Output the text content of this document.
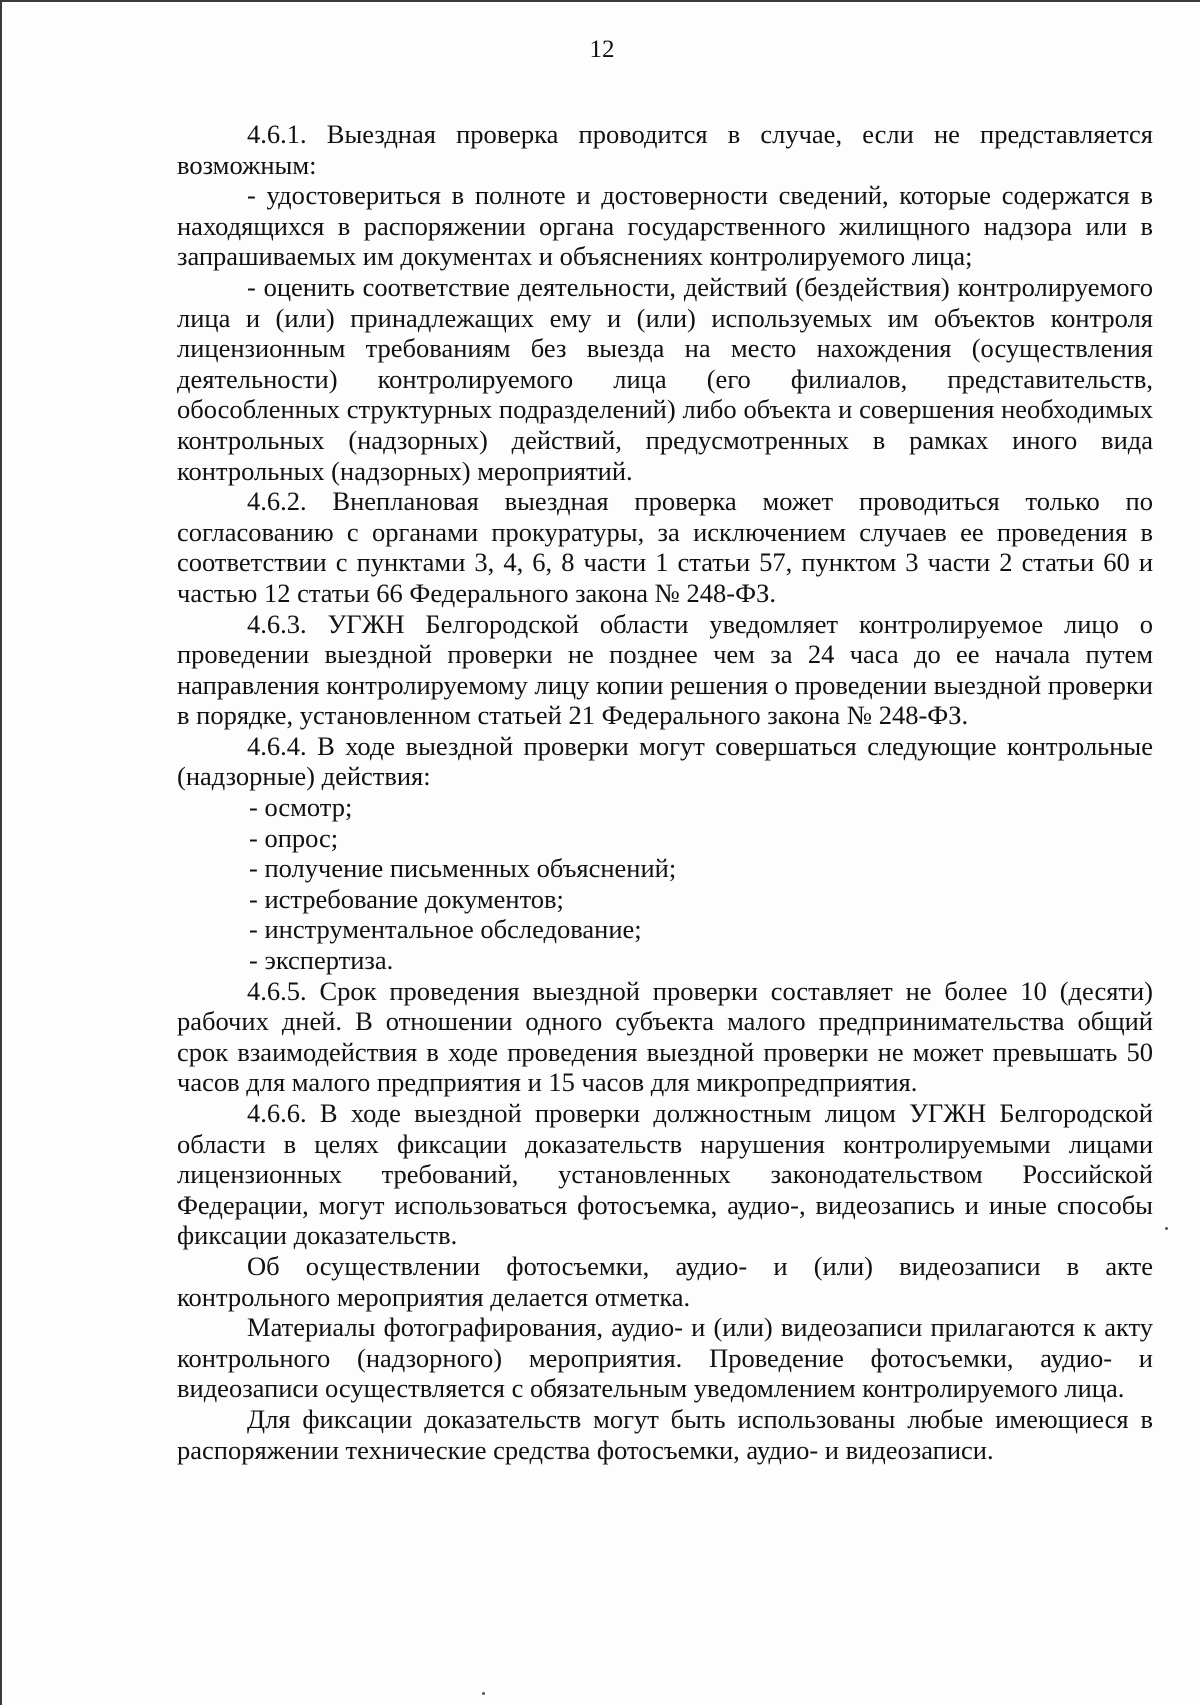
12

4.6.1. Выездная проверка проводится в случае, если не представляется возможным:

- удостовериться в полноте и достоверности сведений, которые содержатся в находящихся в распоряжении органа государственного жилищного надзора или в запрашиваемых им документах и объяснениях контролируемого лица;

- оценить соответствие деятельности, действий (бездействия) контролируемого лица и (или) принадлежащих ему и (или) используемых им объектов контроля лицензионным требованиям без выезда на место нахождения (осуществления деятельности) контролируемого лица (его филиалов, представительств, обособленных структурных подразделений) либо объекта и совершения необходимых контрольных (надзорных) действий, предусмотренных в рамках иного вида контрольных (надзорных) мероприятий.

4.6.2. Внеплановая выездная проверка может проводиться только по согласованию с органами прокуратуры, за исключением случаев ее проведения в соответствии с пунктами 3, 4, 6, 8 части 1 статьи 57, пунктом 3 части 2 статьи 60 и частью 12 статьи 66 Федерального закона № 248-ФЗ.

4.6.3. УГЖН Белгородской области уведомляет контролируемое лицо о проведении выездной проверки не позднее чем за 24 часа до ее начала путем направления контролируемому лицу копии решения о проведении выездной проверки в порядке, установленном статьей 21 Федерального закона № 248-ФЗ.

4.6.4. В ходе выездной проверки могут совершаться следующие контрольные (надзорные) действия:

- осмотр;

- опрос;

- получение письменных объяснений;

- истребование документов;

- инструментальное обследование;

- экспертиза.

4.6.5. Срок проведения выездной проверки составляет не более 10 (десяти) рабочих дней. В отношении одного субъекта малого предпринимательства общий срок взаимодействия в ходе проведения выездной проверки не может превышать 50 часов для малого предприятия и 15 часов для микропредприятия.

4.6.6. В ходе выездной проверки должностным лицом УГЖН Белгородской области в целях фиксации доказательств нарушения контролируемыми лицами лицензионных требований, установленных законодательством Российской Федерации, могут использоваться фотосъемка, аудио-, видеозапись и иные способы фиксации доказательств.

Об осуществлении фотосъемки, аудио- и (или) видеозаписи в акте контрольного мероприятия делается отметка.

Материалы фотографирования, аудио- и (или) видеозаписи прилагаются к акту контрольного (надзорного) мероприятия. Проведение фотосъемки, аудио- и видеозаписи осуществляется с обязательным уведомлением контролируемого лица.

Для фиксации доказательств могут быть использованы любые имеющиеся в распоряжении технические средства фотосъемки, аудио- и видеозаписи.
